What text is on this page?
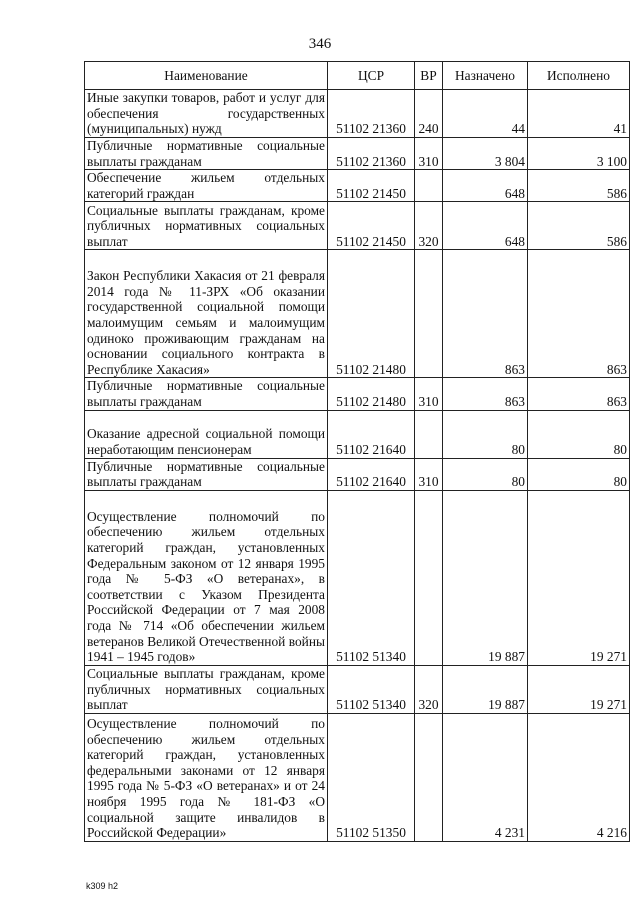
346
Наименование	ЦСР	ВР	Назначено	Исполнено
Иные закупки товаров, работ и услуг для обеспечения государственных (муниципальных) нужд	51102 21360	240	44	41
Публичные нормативные социальные выплаты гражданам	51102 21360	310	3 804	3 100
Обеспечение жильем отдельных категорий граждан	51102 21450		648	586
Социальные выплаты гражданам, кроме публичных нормативных социальных выплат	51102 21450	320	648	586
Закон Республики Хакасия от 21 февраля 2014 года № 11-ЗРХ «Об оказании государственной социальной помощи малоимущим семьям и малоимущим одиноко проживающим гражданам на основании социального контракта в Республике Хакасия»	51102 21480		863	863
Публичные нормативные социальные выплаты гражданам	51102 21480	310	863	863
Оказание адресной социальной помощи неработающим пенсионерам	51102 21640		80	80
Публичные нормативные социальные выплаты гражданам	51102 21640	310	80	80
Осуществление полномочий по обеспечению жильем отдельных категорий граждан, установленных Федеральным законом от 12 января 1995 года № 5-ФЗ «О ветеранах», в соответствии с Указом Президента Российской Федерации от 7 мая 2008 года № 714 «Об обеспечении жильем ветеранов Великой Отечественной войны 1941 – 1945 годов»	51102 51340		19 887	19 271
Социальные выплаты гражданам, кроме публичных нормативных социальных выплат	51102 51340	320	19 887	19 271
Осуществление полномочий по обеспечению жильем отдельных категорий граждан, установленных федеральными законами от 12 января 1995 года № 5-ФЗ «О ветеранах» и от 24 ноября 1995 года № 181-ФЗ «О социальной защите инвалидов в Российской Федерации»	51102 51350		4 231	4 216
k309 h2
